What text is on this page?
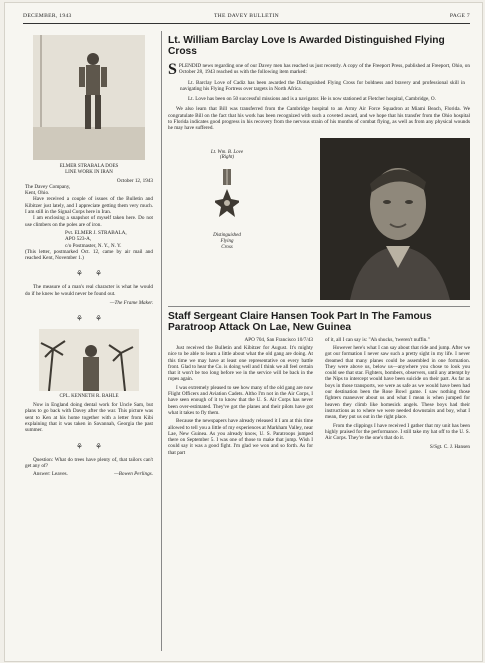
DECEMBER, 1943	THE DAVEY BULLETIN	PAGE 7
ELMER STRABALA DOES
LINE WORK IN IRAN

October 12, 1943

The Davey Company,

Kent, Ohio.

Have received a couple of issues of the Bulletin and Kibitzer just lately, and I appreciate getting them very much. I am still in the Signal Corps here in Iran.

I am enclosing a snapshot of myself taken here. Do not use climbers on the poles are of iron.

Pvt. ELMER J. STRABALA,

APO 523-A,

c/o Postmaster, N. Y., N. Y.

(This letter, postmarked Oct. 12, came by air mail and reached Kent, November 1.)

⚘⚘

The measure of a man's real character is what he would do if he knew he would never be found out.

—The Frame Maker.

⚘⚘
CPL. KENNETH R. BAHLE

Now in England doing dental work for Uncle Sam, but plans to go back with Davey after the war. This picture was sent to Ken at his home together with a letter from Kibi explaining that it was taken in Savannah, Georgia the past summer.

⚘⚘

Question: What do trees have plenty of, that tailors can't get any of?

Answer: Leaves.	—Bowen Perlings.

Lt. William Barclay Love Is Awarded Distinguished Flying Cross

SPLENDID news regarding one of our Davey men has reached us just recently. A copy of the Freeport Press, published at Freeport, Ohio, on October 28, 1943 reached us with the following item marked:

Lt. Barclay Love of Cadiz has been awarded the Distinguished Flying Cross for boldness and bravery and professional skill in navigating his Flying Fortress over targets in North Africa.

Lt. Love has been on 50 successful missions and is a navigator. He is now stationed at Fletcher hospital, Cambridge, O.

We also learn that Bill was transferred from the Cambridge hospital to an Army Air Force Squadron at Miami Beach, Florida. We congratulate Bill on the fact that his work has been recognized with such a coveted award, and we hope that his transfer from the Ohio hospital to Florida indicates good progress in his recovery from the nervous strain of his months of combat flying, as well as from any physical wounds he may have suffered.

Lt. Wm. B. Love
(Right)
Distinguished
Flying
Cross
Staff Sergeant Claire Hansen Took Part In The Famous Paratroop Attack On Lae, New Guinea

APO 704, San Francisco 10/7/43

Just received the Bulletin and Kibitzer for August. It's mighty nice to be able to learn a little about what the old gang are doing. At this time we may have at least one representative on every battle front. Glad to hear the Co. is doing well and I think we all feel certain that it won't be too long before we in the service will be back in the ropes again.

I was extremely pleased to see how many of the old gang are now Flight Officers and Aviation Cadets. Altho I'm not in the Air Corps, I have seen enough of it to know that the U. S. Air Corps has never been over-estimated. They've got the planes and their pilots have got what it takes to fly them.

Because the newspapers have already released it I am at this time allowed to tell you a little of my experiences at Markham Valley, near Lae, New Guinea. As you already know, U. S. Paratroops jumped there on September 5. I was one of those to make that jump. Wish I could say it was a good fight. I'm glad we won and so forth. As for that part

of it, all I can say is: "Ah shucks, 'tweren't nuffin."

However here's what I can say about that ride and jump. After we got our formation I never saw such a pretty sight in my life. I never dreamed that many planes could be assembled in one formation. They were above us, below us—anywhere you chose to look you could see that star. Fighters, bombers, observers, until any attempt by the Nips to intercept would have been suicide on their part. As far as boys in those transports, we were as safe as we would have been had our destination been the Rose Bowl game. I saw nothing those fighters maneuver about us and what I mean is when jumped for heaven they climb like homesick angels. These boys had their instructions as to where we were needed downstairs and boy, what I mean, they put us out in the right place.

From the clippings I have received I gather that my unit has been highly praised for the performance. I still take my hat off to the U. S. Air Corps. They're the one's that do it.

S/Sgt. C. J. Hansen
